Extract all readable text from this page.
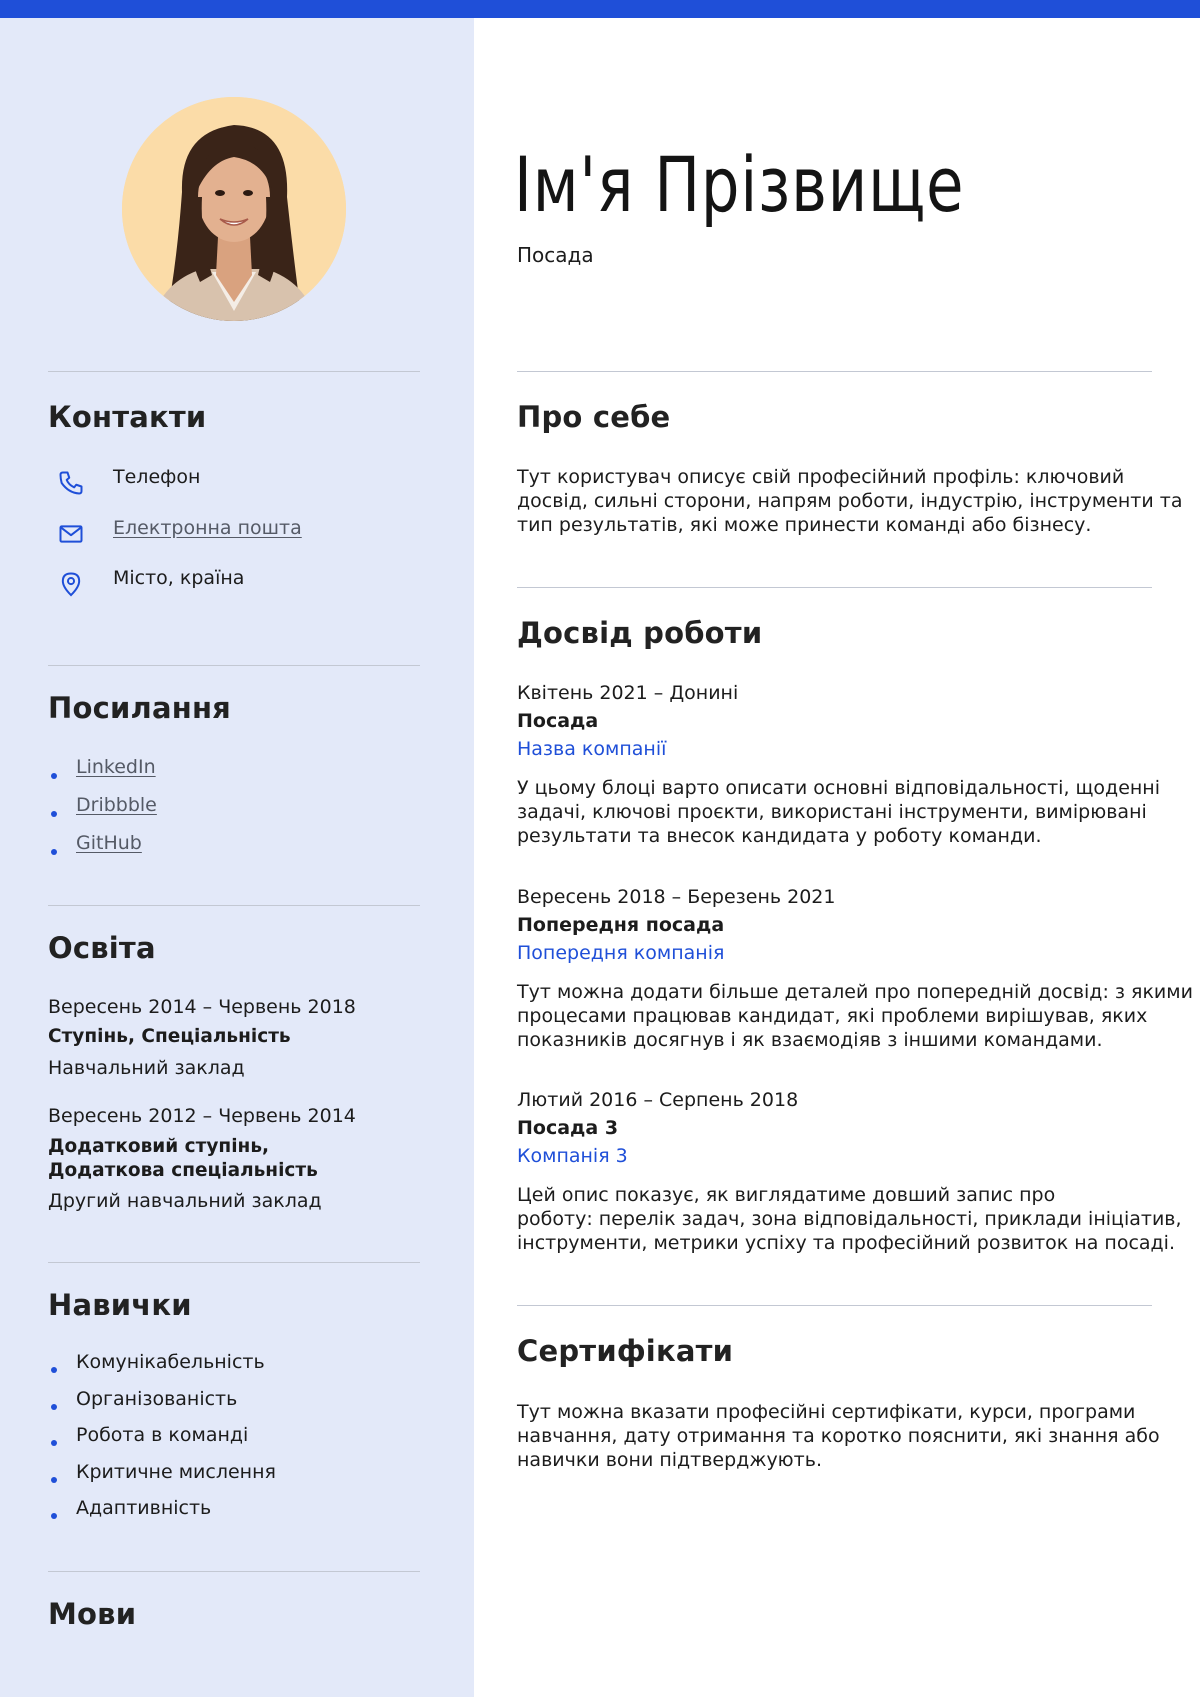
Контакти
Телефон
Електронна пошта
Місто, країна
Посилання
LinkedIn
Dribbble
GitHub
Освіта
Вересень 2014 – Червень 2018
Ступінь, Спеціальність
Навчальний заклад
Вересень 2012 – Червень 2014
Додатковий ступінь, Додаткова спеціальність
Другий навчальний заклад
Навички
Комунікабельність
Організованість
Робота в команді
Критичне мислення
Адаптивність
Мови
Ім'я Прізвище
Посада
Про себе
Тут користувач описує свій професійний профіль: ключовий
досвід, сильні сторони, напрям роботи, індустрію, інструменти та
тип результатів, які може принести команді або бізнесу.
Досвід роботи
Квітень 2021 – Донині
Посада
Назва компанії
У цьому блоці варто описати основні відповідальності, щоденні
задачі, ключові проєкти, використані інструменти, вимірювані
результати та внесок кандидата у роботу команди.
Вересень 2018 – Березень 2021
Попередня посада
Попередня компанія
Тут можна додати більше деталей про попередній досвід: з якими
процесами працював кандидат, які проблеми вирішував, яких
показників досягнув і як взаємодіяв з іншими командами.
Лютий 2016 – Серпень 2018
Посада 3
Компанія 3
Цей опис показує, як виглядатиме довший запис про
роботу: перелік задач, зона відповідальності, приклади ініціатив,
інструменти, метрики успіху та професійний розвиток на посаді.
Сертифікати
Тут можна вказати професійні сертифікати, курси, програми
навчання, дату отримання та коротко пояснити, які знання або
навички вони підтверджують.
